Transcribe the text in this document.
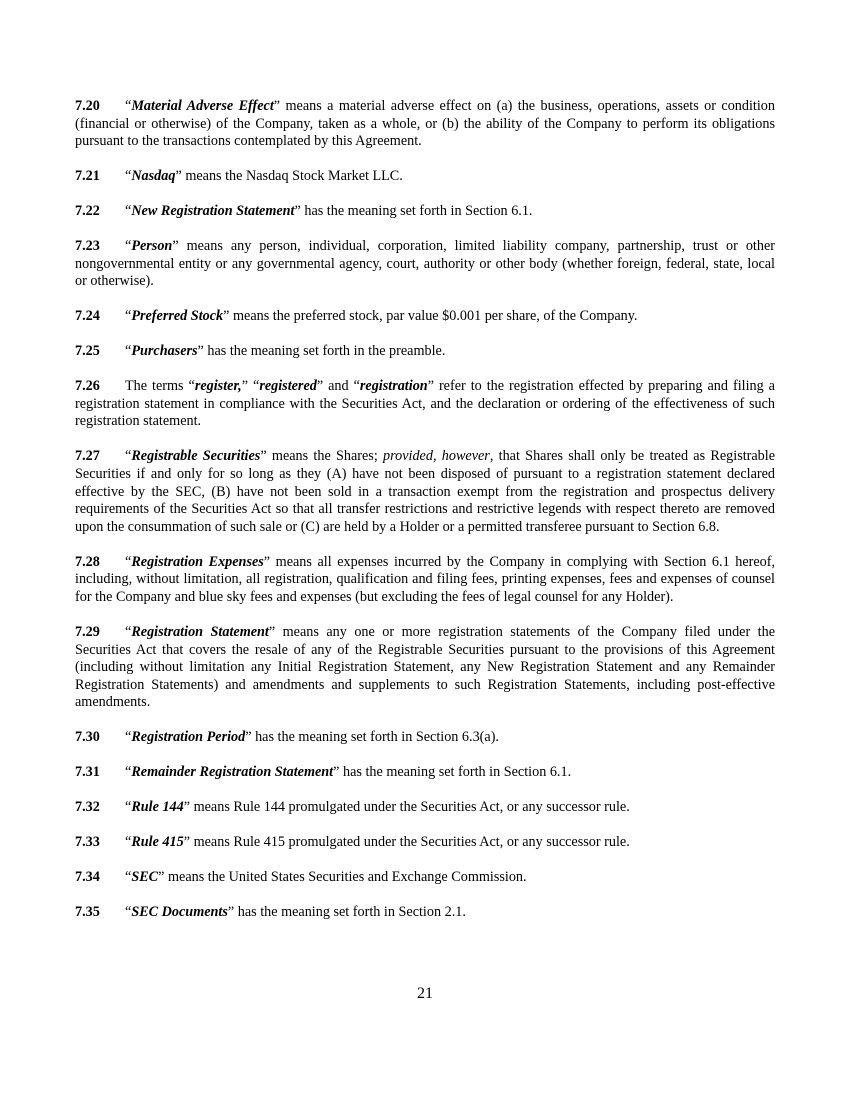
7.20 “Material Adverse Effect” means a material adverse effect on (a) the business, operations, assets or condition (financial or otherwise) of the Company, taken as a whole, or (b) the ability of the Company to perform its obligations pursuant to the transactions contemplated by this Agreement.

7.21 “Nasdaq” means the Nasdaq Stock Market LLC.

7.22 “New Registration Statement” has the meaning set forth in Section 6.1.

7.23 “Person” means any person, individual, corporation, limited liability company, partnership, trust or other nongovernmental entity or any governmental agency, court, authority or other body (whether foreign, federal, state, local or otherwise).

7.24 “Preferred Stock” means the preferred stock, par value $0.001 per share, of the Company.

7.25 “Purchasers” has the meaning set forth in the preamble.

7.26 The terms “register,” “registered” and “registration” refer to the registration effected by preparing and filing a registration statement in compliance with the Securities Act, and the declaration or ordering of the effectiveness of such registration statement.

7.27 “Registrable Securities” means the Shares; provided, however, that Shares shall only be treated as Registrable Securities if and only for so long as they (A) have not been disposed of pursuant to a registration statement declared effective by the SEC, (B) have not been sold in a transaction exempt from the registration and prospectus delivery requirements of the Securities Act so that all transfer restrictions and restrictive legends with respect thereto are removed upon the consummation of such sale or (C) are held by a Holder or a permitted transferee pursuant to Section 6.8.

7.28 “Registration Expenses” means all expenses incurred by the Company in complying with Section 6.1 hereof, including, without limitation, all registration, qualification and filing fees, printing expenses, fees and expenses of counsel for the Company and blue sky fees and expenses (but excluding the fees of legal counsel for any Holder).

7.29 “Registration Statement” means any one or more registration statements of the Company filed under the Securities Act that covers the resale of any of the Registrable Securities pursuant to the provisions of this Agreement (including without limitation any Initial Registration Statement, any New Registration Statement and any Remainder Registration Statements) and amendments and supplements to such Registration Statements, including post-effective amendments.

7.30 “Registration Period” has the meaning set forth in Section 6.3(a).

7.31 “Remainder Registration Statement” has the meaning set forth in Section 6.1.

7.32 “Rule 144” means Rule 144 promulgated under the Securities Act, or any successor rule.

7.33 “Rule 415” means Rule 415 promulgated under the Securities Act, or any successor rule.

7.34 “SEC” means the United States Securities and Exchange Commission.

7.35 “SEC Documents” has the meaning set forth in Section 2.1.

21
